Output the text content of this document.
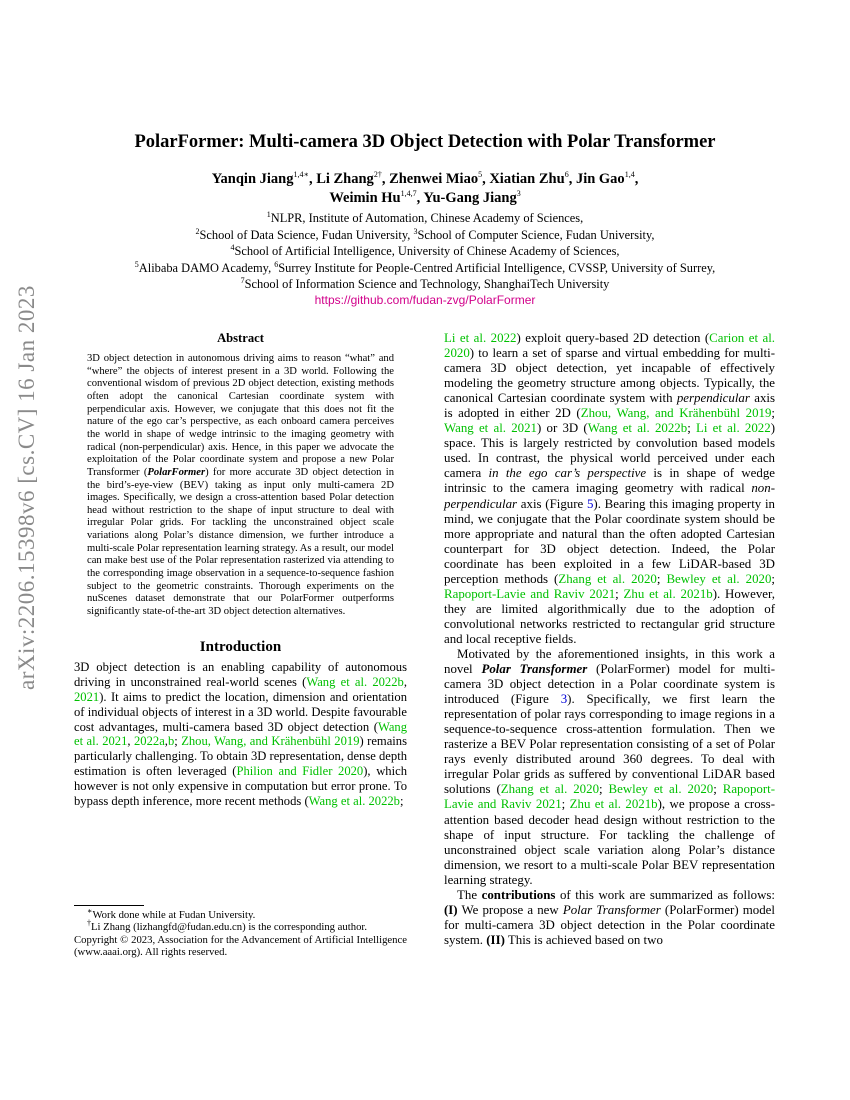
arXiv:2206.15398v6 [cs.CV] 16 Jan 2023
PolarFormer: Multi-camera 3D Object Detection with Polar Transformer
Yanqin Jiang$^{1,4∗}$, Li Zhang$^{2\dagger}$, Zhenwei Miao$^5$, Xiatian Zhu$^6$, Jin Gao$^{1,4}$,
Weimin Hu$^{1,4,7}$, Yu-Gang Jiang$^3$
$^1$NLPR, Institute of Automation, Chinese Academy of Sciences,
$^2$School of Data Science, Fudan University, $^3$School of Computer Science, Fudan University,
$^4$School of Artificial Intelligence, University of Chinese Academy of Sciences,
$^5$Alibaba DAMO Academy, $^6$Surrey Institute for People-Centred Artificial Intelligence, CVSSP, University of Surrey,
$^7$School of Information Science and Technology, ShanghaiTech University
https://github.com/fudan-zvg/PolarFormer
Abstract

3D object detection in autonomous driving aims to reason “what” and “where” the objects of interest present in a 3D world. Following the conventional wisdom of previous 2D object detection, existing methods often adopt the canonical Cartesian coordinate system with perpendicular axis. However, we conjugate that this does not fit the nature of the ego car’s perspective, as each onboard camera perceives the world in shape of wedge intrinsic to the imaging geometry with radical (non-perpendicular) axis. Hence, in this paper we advocate the exploitation of the Polar coordinate system and propose a new Polar Transformer (PolarFormer) for more accurate 3D object detection in the bird’s-eye-view (BEV) taking as input only multi-camera 2D images. Specifically, we design a cross-attention based Polar detection head without restriction to the shape of input structure to deal with irregular Polar grids. For tackling the unconstrained object scale variations along Polar’s distance dimension, we further introduce a multi-scale Polar representation learning strategy. As a result, our model can make best use of the Polar representation rasterized via attending to the corresponding image observation in a sequence-to-sequence fashion subject to the geometric constraints. Thorough experiments on the nuScenes dataset demonstrate that our PolarFormer outperforms significantly state-of-the-art 3D object detection alternatives.

Introduction

3D object detection is an enabling capability of autonomous driving in unconstrained real-world scenes (Wang et al. 2022b, 2021). It aims to predict the location, dimension and orientation of individual objects of interest in a 3D world. Despite favourable cost advantages, multi-camera based 3D object detection (Wang et al. 2021, 2022a,b; Zhou, Wang, and Krähenbühl 2019) remains particularly challenging. To obtain 3D representation, dense depth estimation is often leveraged (Philion and Fidler 2020), which however is not only expensive in computation but error prone. To bypass depth inference, more recent methods (Wang et al. 2022b;

∗Work done while at Fudan University.

†Li Zhang (lizhangfd@fudan.edu.cn) is the corresponding author.

Copyright © 2023, Association for the Advancement of Artificial Intelligence (www.aaai.org). All rights reserved.

Li et al. 2022) exploit query-based 2D detection (Carion et al. 2020) to learn a set of sparse and virtual embedding for multi-camera 3D object detection, yet incapable of effectively modeling the geometry structure among objects. Typically, the canonical Cartesian coordinate system with perpendicular axis is adopted in either 2D (Zhou, Wang, and Krähenbühl 2019; Wang et al. 2021) or 3D (Wang et al. 2022b; Li et al. 2022) space. This is largely restricted by convolution based models used. In contrast, the physical world perceived under each camera in the ego car’s perspective is in shape of wedge intrinsic to the camera imaging geometry with radical non-perpendicular axis (Figure 5). Bearing this imaging property in mind, we conjugate that the Polar coordinate system should be more appropriate and natural than the often adopted Cartesian counterpart for 3D object detection. Indeed, the Polar coordinate has been exploited in a few LiDAR-based 3D perception methods (Zhang et al. 2020; Bewley et al. 2020; Rapoport-Lavie and Raviv 2021; Zhu et al. 2021b). However, they are limited algorithmically due to the adoption of convolutional networks restricted to rectangular grid structure and local receptive fields.

Motivated by the aforementioned insights, in this work a novel Polar Transformer (PolarFormer) model for multi-camera 3D object detection in a Polar coordinate system is introduced (Figure 3). Specifically, we first learn the representation of polar rays corresponding to image regions in a sequence-to-sequence cross-attention formulation. Then we rasterize a BEV Polar representation consisting of a set of Polar rays evenly distributed around 360 degrees. To deal with irregular Polar grids as suffered by conventional LiDAR based solutions (Zhang et al. 2020; Bewley et al. 2020; Rapoport-Lavie and Raviv 2021; Zhu et al. 2021b), we propose a cross-attention based decoder head design without restriction to the shape of input structure. For tackling the challenge of unconstrained object scale variation along Polar’s distance dimension, we resort to a multi-scale Polar BEV representation learning strategy.

The contributions of this work are summarized as follows: (I) We propose a new Polar Transformer (PolarFormer) model for multi-camera 3D object detection in the Polar coordinate system. (II) This is achieved based on two
